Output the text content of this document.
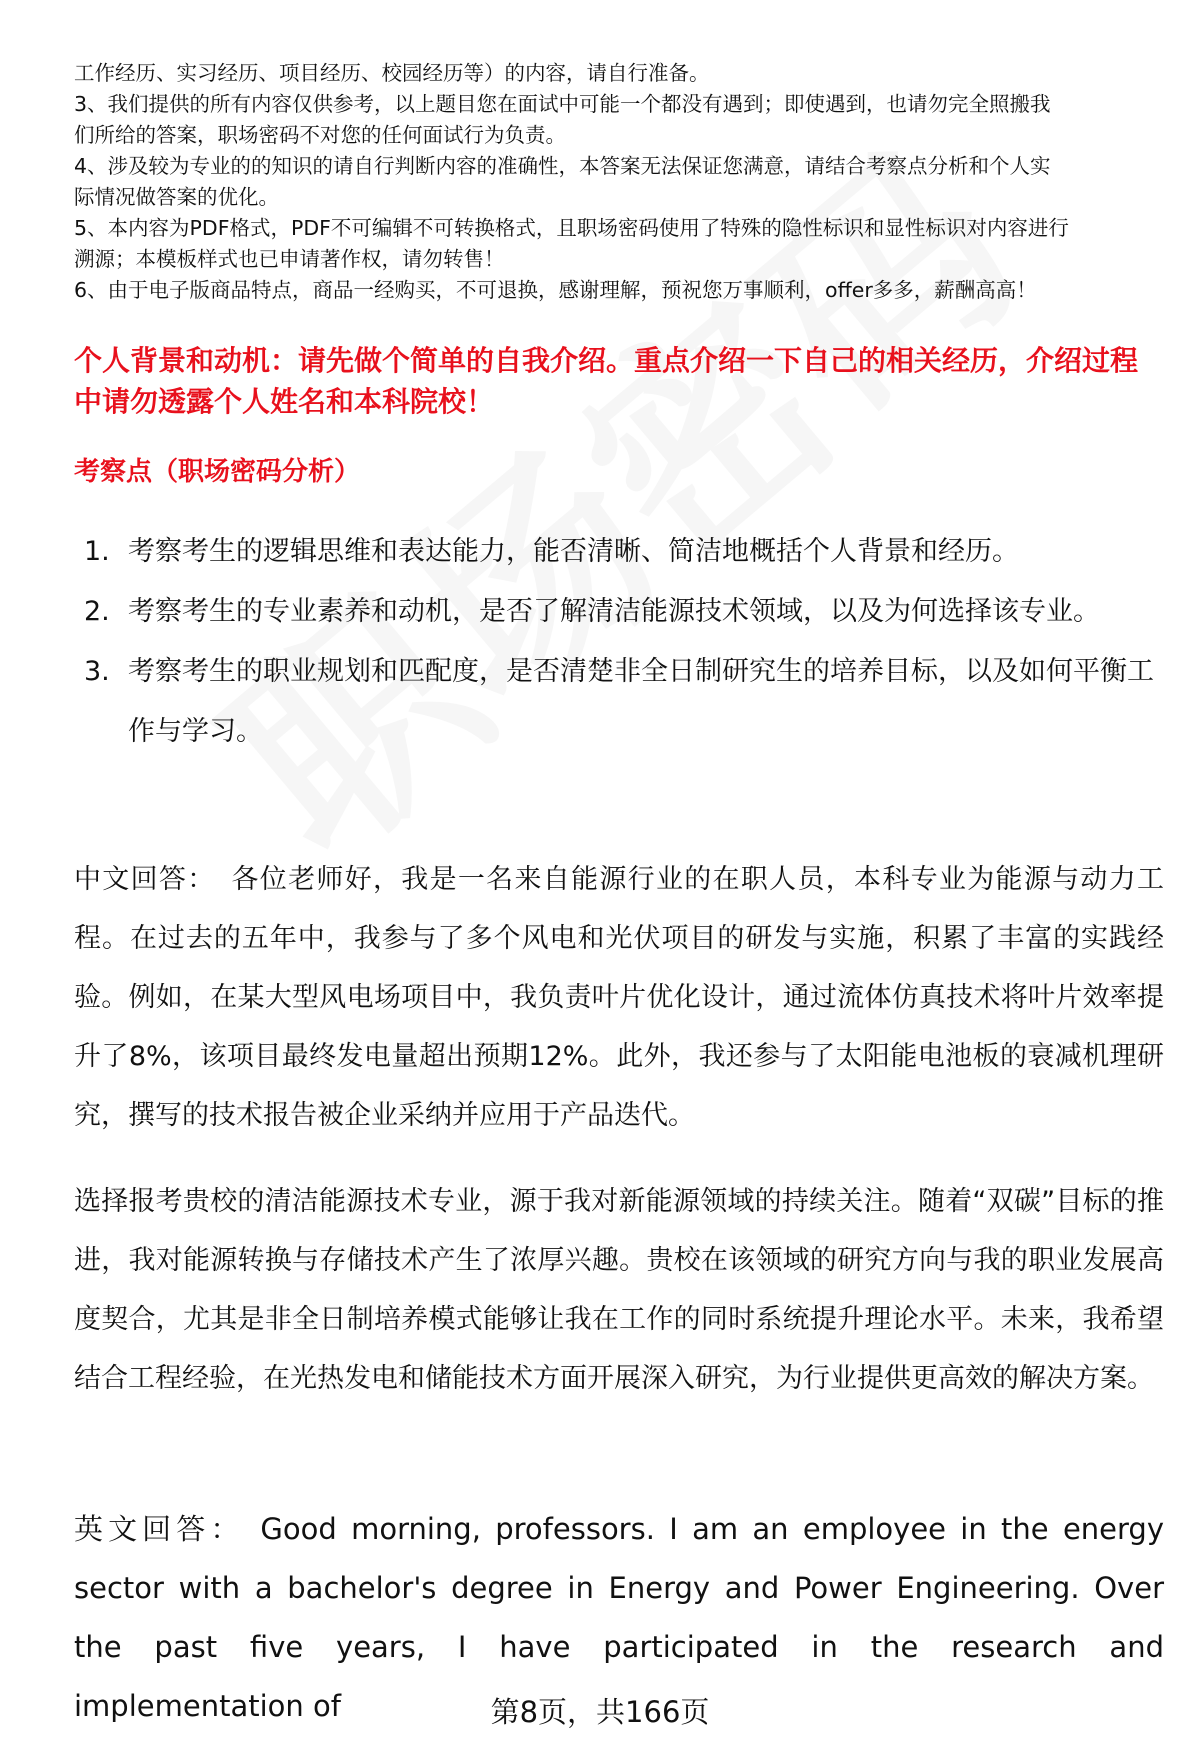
工作经历、实习经历、项目经历、校园经历等）的内容，请自行准备。

3、我们提供的所有内容仅供参考，以上题目您在面试中可能一个都没有遇到；即使遇到，也请勿完全照搬我

们所给的答案，职场密码不对您的任何面试行为负责。

4、涉及较为专业的的知识的请自行判断内容的准确性，本答案无法保证您满意，请结合考察点分析和个人实

际情况做答案的优化。

5、本内容为PDF格式，PDF不可编辑不可转换格式，且职场密码使用了特殊的隐性标识和显性标识对内容进行

溯源；本模板样式也已申请著作权，请勿转售！

6、由于电子版商品特点，商品一经购买，不可退换，感谢理解，预祝您万事顺利，offer多多，薪酬高高！

个人背景和动机：请先做个简单的自我介绍。重点介绍一下自己的相关经历，介绍过程中请勿透露个人姓名和本科院校！

考察点（职场密码分析）

1. 考察考生的逻辑思维和表达能力，能否清晰、简洁地概括个人背景和经历。
2. 考察考生的专业素养和动机，是否了解清洁能源技术领域，以及为何选择该专业。
3. 考察考生的职业规划和匹配度，是否清楚非全日制研究生的培养目标，以及如何平衡工作与学习。

中文回答： 各位老师好，我是一名来自能源行业的在职人员，本科专业为能源与动力工程。在过去的五年中，我参与了多个风电和光伏项目的研发与实施，积累了丰富的实践经验。例如，在某大型风电场项目中，我负责叶片优化设计，通过流体仿真技术将叶片效率提升了8%，该项目最终发电量超出预期12%。此外，我还参与了太阳能电池板的衰减机理研究，撰写的技术报告被企业采纳并应用于产品迭代。

选择报考贵校的清洁能源技术专业，源于我对新能源领域的持续关注。随着“双碳”目标的推进，我对能源转换与存储技术产生了浓厚兴趣。贵校在该领域的研究方向与我的职业发展高度契合，尤其是非全日制培养模式能够让我在工作的同时系统提升理论水平。未来，我希望结合工程经验，在光热发电和储能技术方面开展深入研究，为行业提供更高效的解决方案。

英文回答： Good morning, professors. I am an employee in the energy sector with a bachelor's degree in Energy and Power Engineering. Over the past five years, I have participated in the research and implementation of	第8页，共166页
